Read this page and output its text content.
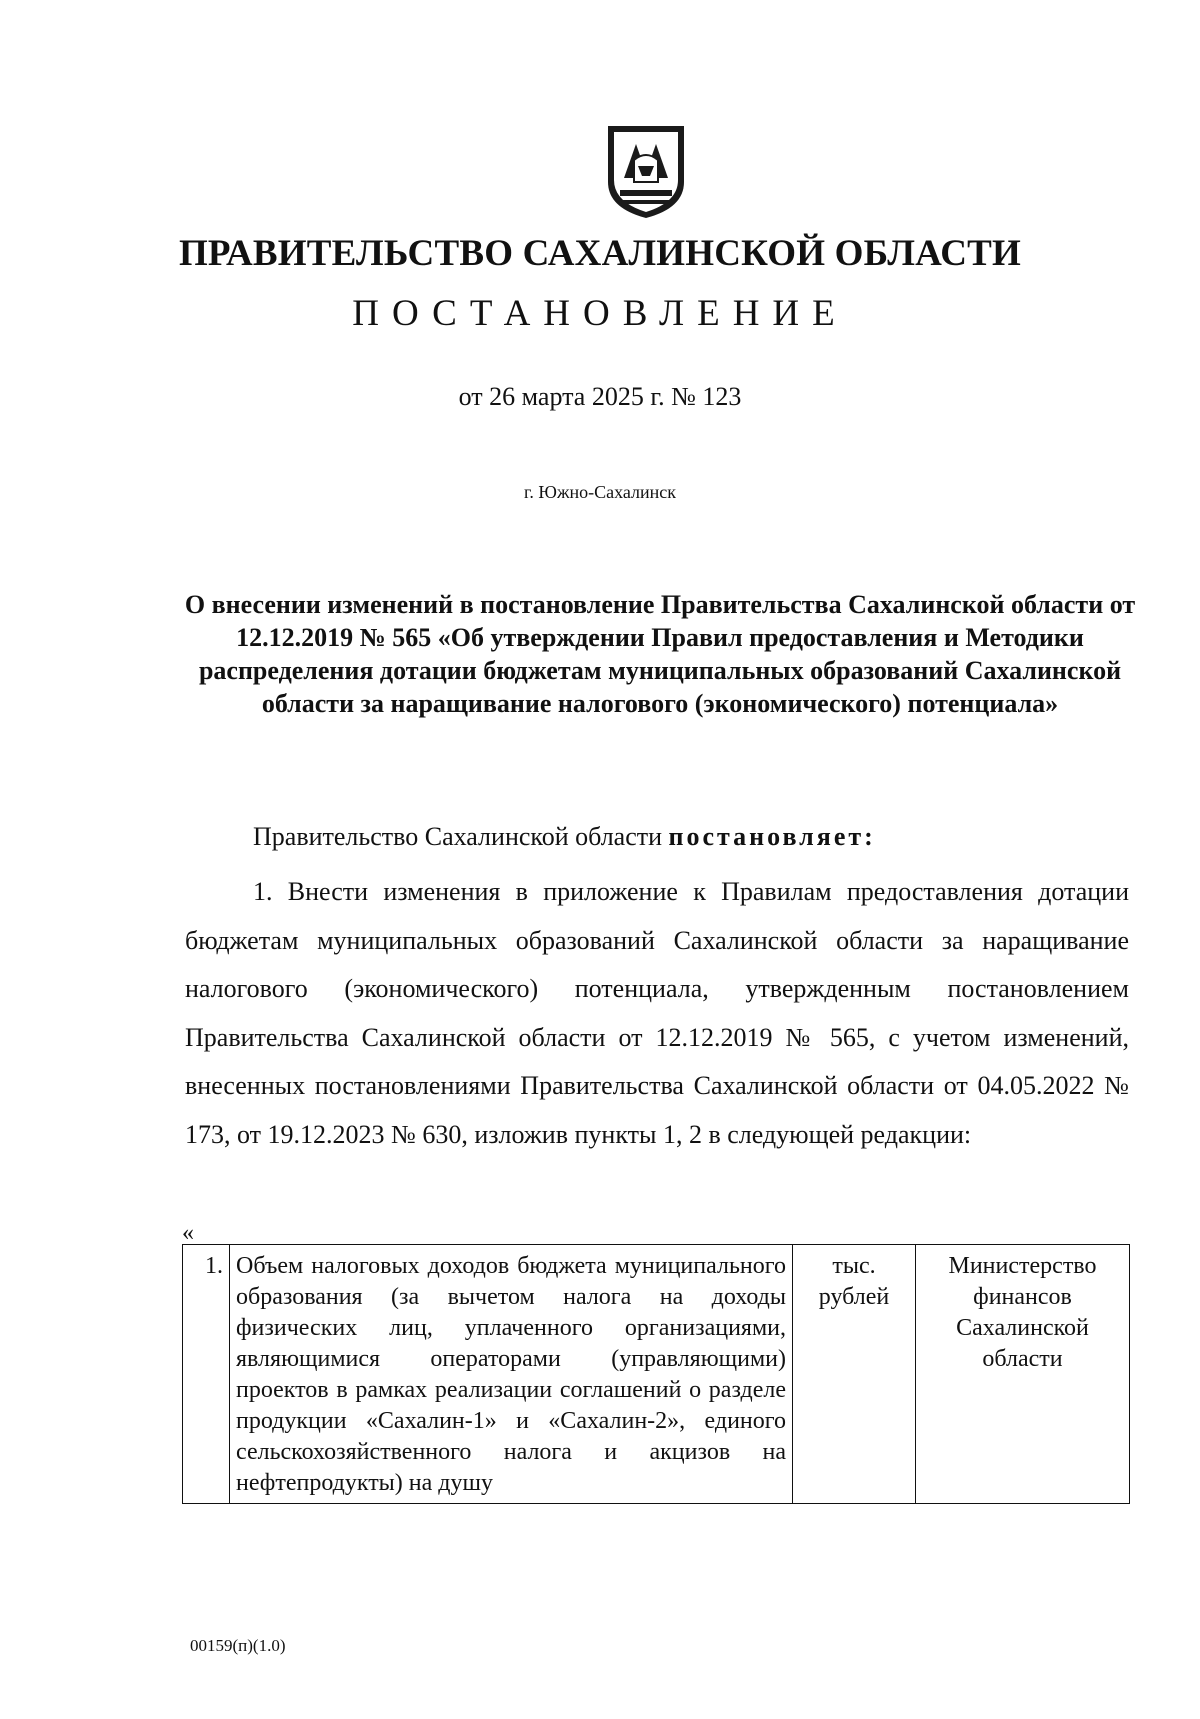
ПРАВИТЕЛЬСТВО САХАЛИНСКОЙ ОБЛАСТИ
ПОСТАНОВЛЕНИЕ
от 26 марта 2025 г. № 123
г. Южно-Сахалинск
О внесении изменений в постановление Правительства Сахалинской области от 12.12.2019 № 565 «Об утверждении Правил предоставления и Методики распределения дотации бюджетам муниципальных образований Сахалинской области за наращивание налогового (экономического) потенциала»
Правительство Сахалинской области постановляет:
1. Внести изменения в приложение к Правилам предоставления дотации бюджетам муниципальных образований Сахалинской области за наращивание налогового (экономического) потенциала, утвержденным постановлением Правительства Сахалинской области от 12.12.2019 № 565, с учетом изменений, внесенных постановлениями Правительства Сахалинской области от 04.05.2022 № 173, от 19.12.2023 № 630, изложив пункты 1, 2 в следующей редакции:
«
1.	Объем налоговых доходов бюджета муниципального образования (за вычетом налога на доходы физических лиц, уплаченного организациями, являющимися операторами (управляющими) проектов в рамках реализации соглашений о разделе продукции «Сахалин-1» и «Сахалин-2», единого сельскохозяйственного налога и акцизов на нефтепродукты) на душу	тыс. рублей	Министерство финансов Сахалинской области
00159(п)(1.0)
